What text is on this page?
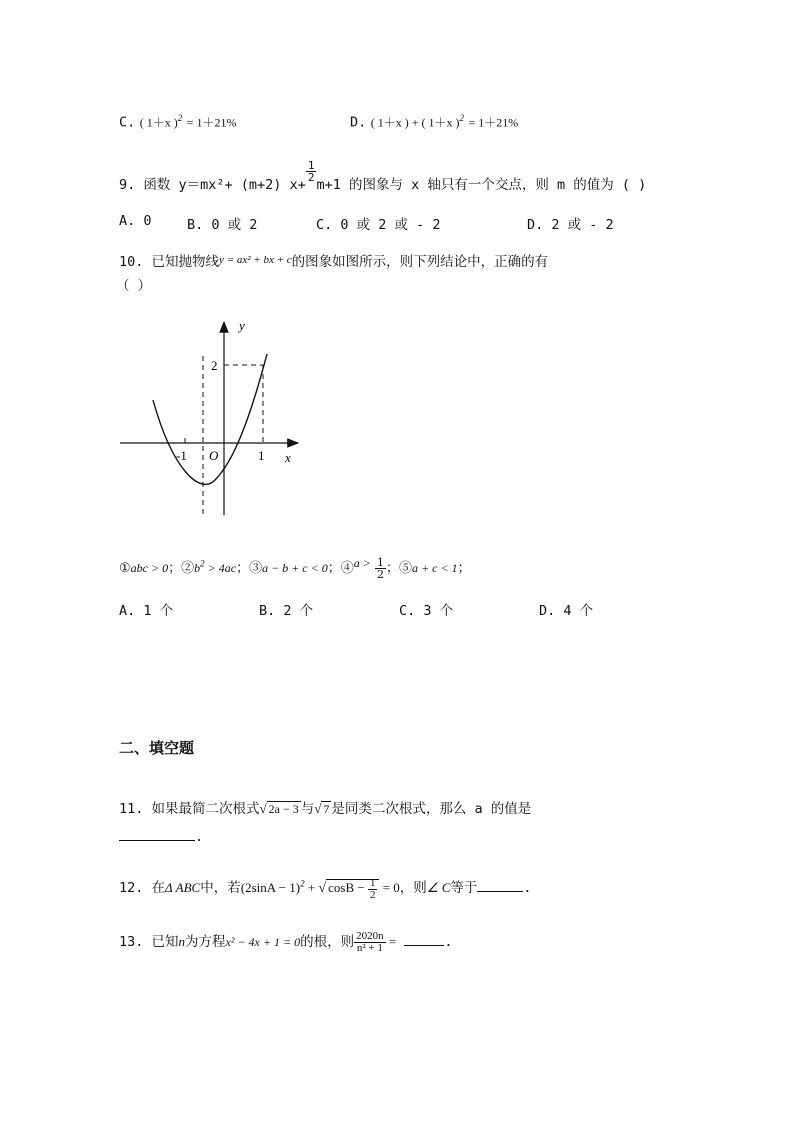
C. ( 1＋x )$^2$ = 1＋21%	D. ( 1＋x ) + ( 1＋x )$^2$ = 1＋21%
9. 函数 y＝mx²+ (m+2) x+
$\frac{1}{2}$
m+1 的图象与 x 轴只有一个交点，则 m 的值为 ( )
A. 0	B. 0 或 2	C. 0 或 2 或 - 2	D. 2 或 - 2
10. 已知抛物线$^{y = ax^2 + bx + c}$的图象如图所示，则下列结论中，正确的有
（ ）
y
x
O
-1	1
2
①abc > 0；$②b^2 > 4ac$；③a − b + c < 0；④a > $\frac{1}{2}$ ；⑤a + c < 1；
A. 1 个	B. 2 个	C. 3 个	D. 4 个
二、填空题
11. 如果最简二次根式√ 2a − 3 与√ 7 是同类二次根式，那么 a 的值是
.
12. 在Δ ABC中，若$(2\sin A - 1)^2$ + √ $\cos B - \frac{1}{2} = 0$，则∠ C等于	.
13. 已知n为方程x² − 4x + 1 = 0的根，则 $\frac{2020n}{\text{n² + 1}}$ =	.
